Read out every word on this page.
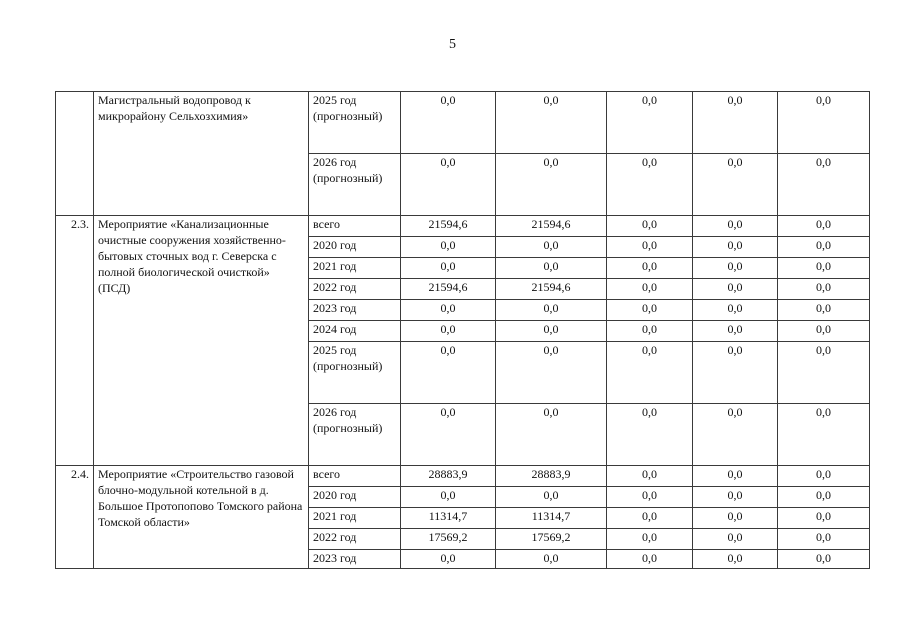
5
	Магистральный водопровод к микрорайону Сельхозхимия»	2025 год (прогнозный)	0,0	0,0	0,0	0,0	0,0
		2026 год (прогнозный)	0,0	0,0	0,0	0,0	0,0
2.3.	Мероприятие «Канализационные очистные сооружения хозяйственно-бытовых сточных вод г. Северска с полной биологической очисткой» (ПСД)	всего	21594,6	21594,6	0,0	0,0	0,0
		2020 год	0,0	0,0	0,0	0,0	0,0
		2021 год	0,0	0,0	0,0	0,0	0,0
		2022 год	21594,6	21594,6	0,0	0,0	0,0
		2023 год	0,0	0,0	0,0	0,0	0,0
		2024 год	0,0	0,0	0,0	0,0	0,0
		2025 год (прогнозный)	0,0	0,0	0,0	0,0	0,0
		2026 год (прогнозный)	0,0	0,0	0,0	0,0	0,0
2.4.	Мероприятие «Строительство газовой блочно-модульной котельной в д. Большое Протопопово Томского района Томской области»	всего	28883,9	28883,9	0,0	0,0	0,0
		2020 год	0,0	0,0	0,0	0,0	0,0
		2021 год	11314,7	11314,7	0,0	0,0	0,0
		2022 год	17569,2	17569,2	0,0	0,0	0,0
		2023 год	0,0	0,0	0,0	0,0	0,0
